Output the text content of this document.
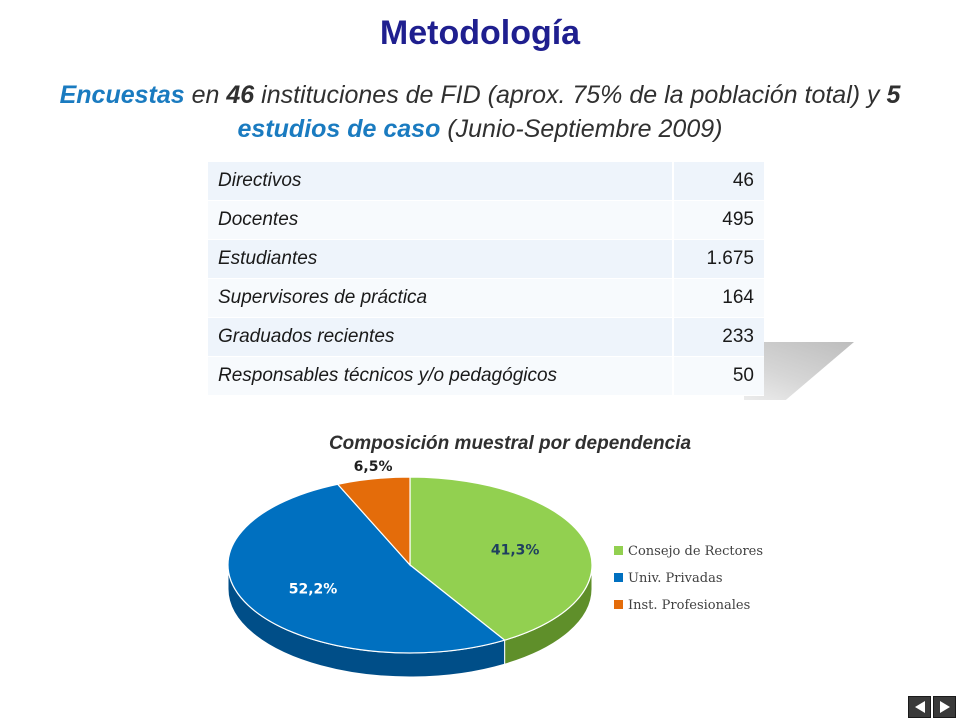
Metodología
Encuestas en 46 instituciones de FID (aprox. 75% de la población total) y 5 estudios de caso (Junio-Septiembre 2009)
Directivos	46
Docentes	495
Estudiantes	1.675
Supervisores de práctica	164
Graduados recientes	233
Responsables técnicos y/o pedagógicos	50
Composición muestral por dependencia
41,3%
52,2%
6,5%
Consejo de Rectores
Univ. Privadas
Inst. Profesionales
